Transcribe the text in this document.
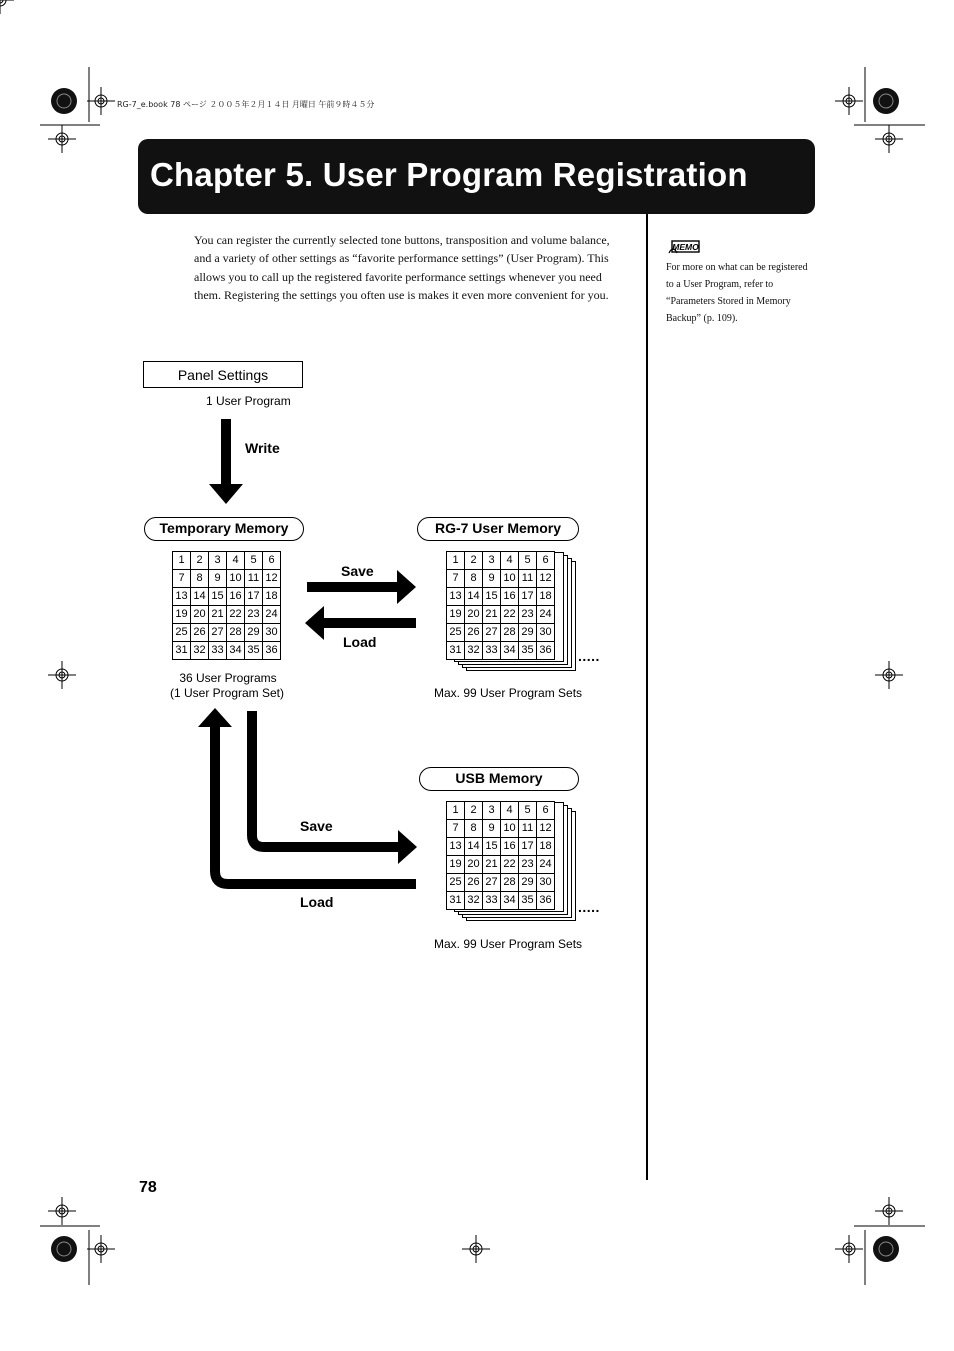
RG-7_e.book 78 ページ ２００５年２月１４日 月曜日 午前９時４５分
Chapter 5. User Program Registration
You can register the currently selected tone buttons, transposition and volume balance, and a variety of other settings as “favorite performance settings” (User Program). This allows you to call up the registered favorite performance settings whenever you need them. Registering the settings you often use is makes it even more convenient for you.
MEMO
For more on what can be registered to a User Program, refer to “Parameters Stored in Memory Backup” (p. 109).
Panel Settings
1 User Program
Write
Temporary Memory	RG-7 User Memory
USB Memory
Save
Load
Save
Load
1	2	3	4	5	6
7	8	9	10	11	12
13	14	15	16	17	18
19	20	21	22	23	24
25	26	27	28	29	30
31	32	33	34	35	36
1	2	3	4	5	6
7	8	9	10	11	12
13	14	15	16	17	18
19	20	21	22	23	24
25	26	27	28	29	30
31	32	33	34	35	36 .....
1	2	3	4	5	6
7	8	9	10	11	12
13	14	15	16	17	18
19	20	21	22	23	24
25	26	27	28	29	30
31	32	33	34	35	36 .....
36 User Programs
(1 User Program Set)	Max. 99 User Program Sets
Max. 99 User Program Sets
78
